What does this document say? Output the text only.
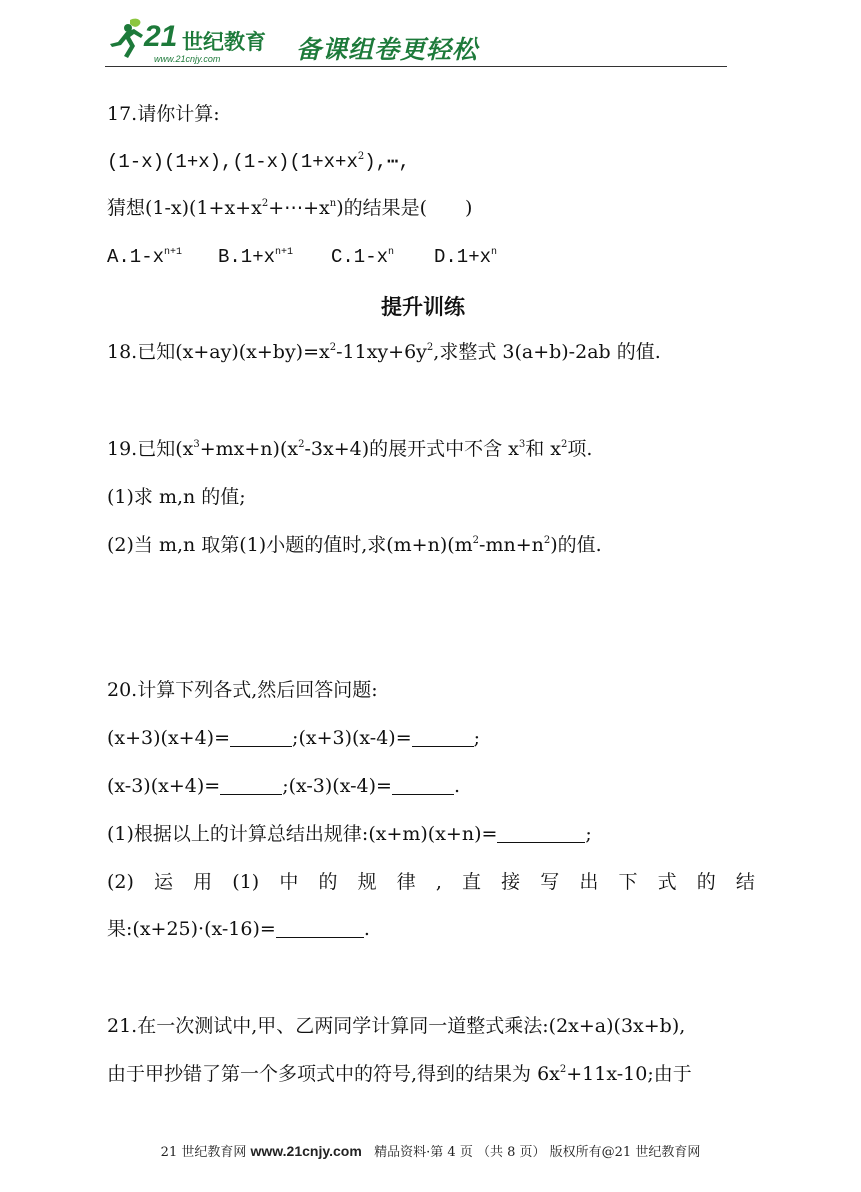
21 世纪教育
www.21cnjy.com	备课组卷更轻松
17.请你计算:
$(1-x)(1+x),(1-x)(1+x+x^2),\cdots$,
猜想$(1-x)(1+x+x^2+\cdots+x^n)$的结果是(　　)
$A.1-x^{n+1}$ $B.1+x^{n+1}$ $C.1-x^n$ $D.1+x^n$
提升训练
18.已知$(x+ay)(x+by)=x^2-11xy+6y^2$,求整式 3(a+b)-2ab 的值.
19.已知$(x^3+mx+n)(x^2-3x+4)$的展开式中不含 $x^3$和 $x^2$项.
(1)求 m,n 的值;
(2)当 m,n 取第(1)小题的值时,求$(m+n)(m^2-mn+n^2)$的值.
20.计算下列各式,然后回答问题:
(x+3)(x+4)=	;(x+3)(x-4)=	;
(x-3)(x+4)=	;(x-3)(x-4)=	.
(1)根据以上的计算总结出规律:(x+m)(x+n)=	;
(2) 运 用 (1) 中 的 规 律 , 直 接 写 出 下 式 的 结
果:(x+25)·(x-16)=	.
21.在一次测试中,甲、乙两同学计算同一道整式乘法:(2x+a)(3x+b),
由于甲抄错了第一个多项式中的符号,得到的结果为 $6x^2+11x-10$;由于
21 世纪教育网 www.21cnjy.com 精品资料·第 4 页 （共 8 页） 版权所有@21 世纪教育网
